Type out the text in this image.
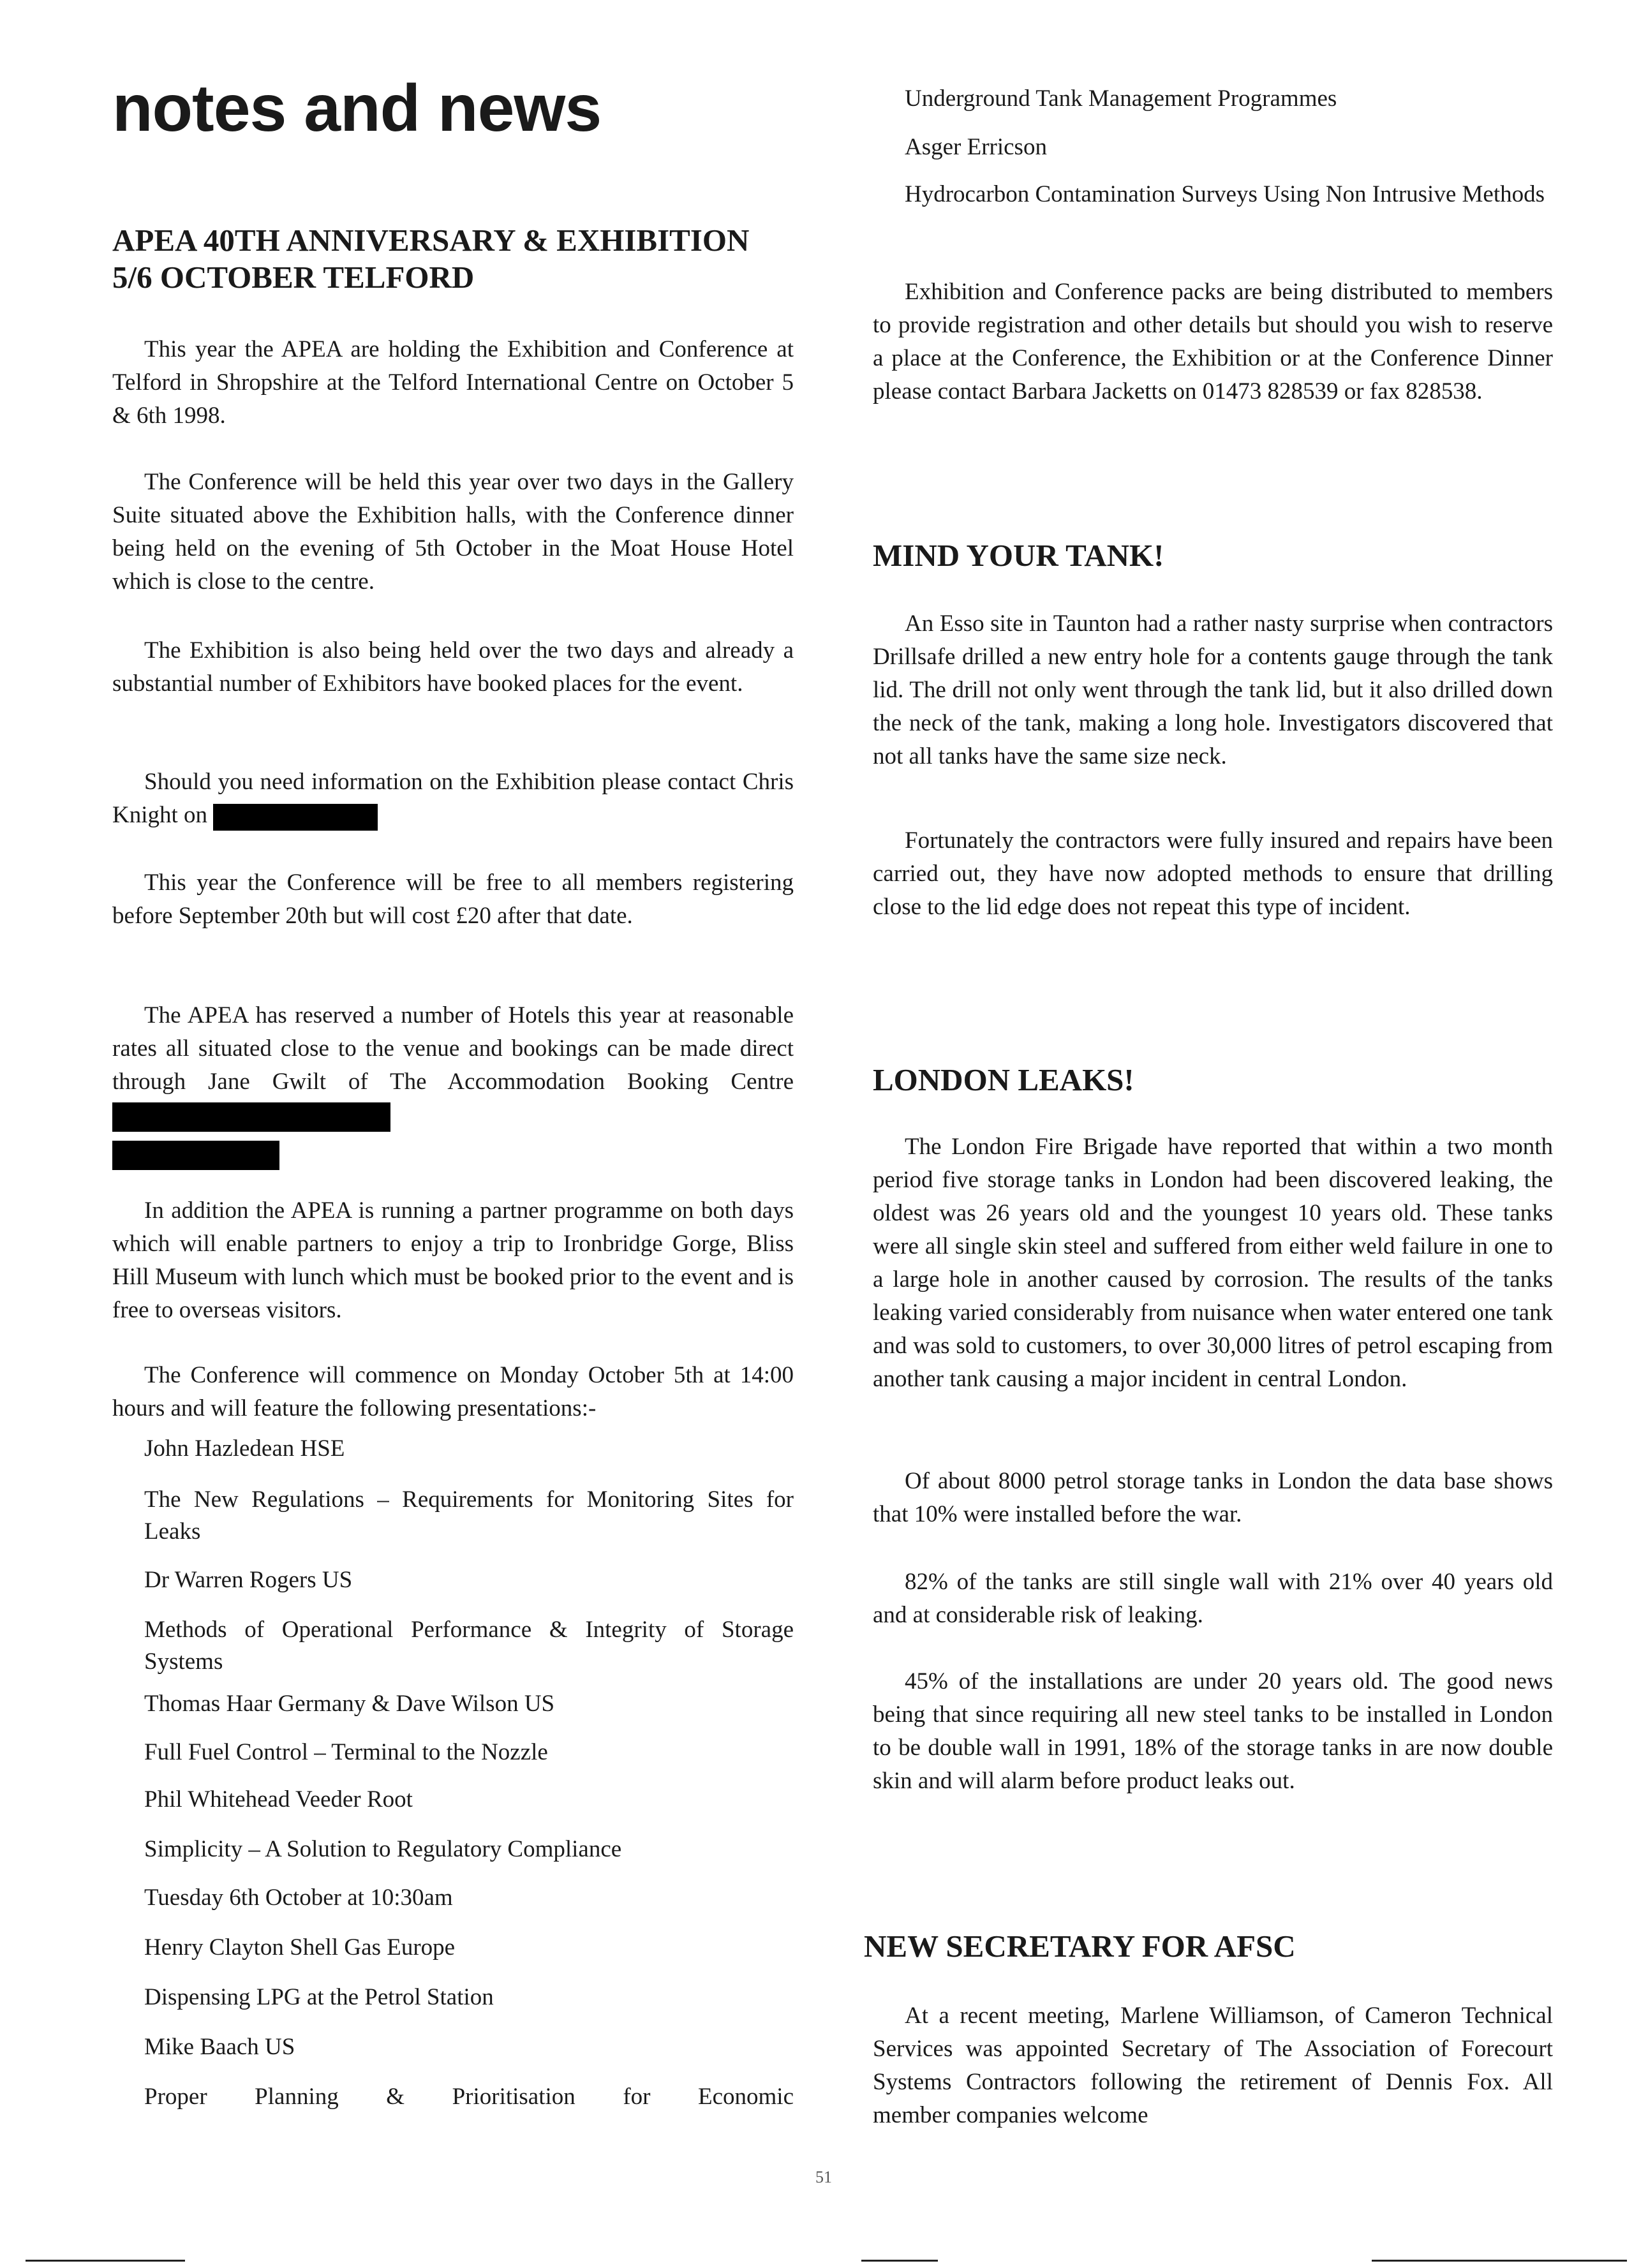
notes and news
APEA 40TH ANNIVERSARY & EXHIBITION
5/6 OCTOBER TELFORD

This year the APEA are holding the Exhibition and Conference at Telford in Shropshire at the Telford International Centre on October 5 & 6th 1998.

The Conference will be held this year over two days in the Gallery Suite situated above the Exhibition halls, with the Conference dinner being held on the evening of 5th October in the Moat House Hotel which is close to the centre.

The Exhibition is also being held over the two days and already a substantial number of Exhibitors have booked places for the event.

Should you need information on the Exhibition please contact Chris Knight on

This year the Conference will be free to all members registering before September 20th but will cost £20 after that date.

The APEA has reserved a number of Hotels this year at reasonable rates all situated close to the venue and bookings can be made direct through Jane Gwilt of The Accommodation Booking Centre

In addition the APEA is running a partner programme on both days which will enable partners to enjoy a trip to Ironbridge Gorge, Bliss Hill Museum with lunch which must be booked prior to the event and is free to overseas visitors.

The Conference will commence on Monday October 5th at 14:00 hours and will feature the following presentations:-

John Hazledean HSE
The New Regulations – Requirements for Monitoring Sites for Leaks
Dr Warren Rogers US
Methods of Operational Performance & Integrity of Storage Systems
Thomas Haar Germany & Dave Wilson US
Full Fuel Control – Terminal to the Nozzle
Phil Whitehead Veeder Root
Simplicity – A Solution to Regulatory Compliance
Tuesday 6th October at 10:30am
Henry Clayton Shell Gas Europe
Dispensing LPG at the Petrol Station
Mike Baach US
Proper Planning & Prioritisation for Economic
Underground Tank Management Programmes
Asger Erricson
Hydrocarbon Contamination Surveys Using Non Intrusive Methods

Exhibition and Conference packs are being distributed to members to provide registration and other details but should you wish to reserve a place at the Conference, the Exhibition or at the Conference Dinner please contact Barbara Jacketts on 01473 828539 or fax 828538.

MIND YOUR TANK!

An Esso site in Taunton had a rather nasty surprise when contractors Drillsafe drilled a new entry hole for a contents gauge through the tank lid. The drill not only went through the tank lid, but it also drilled down the neck of the tank, making a long hole. Investigators discovered that not all tanks have the same size neck.

Fortunately the contractors were fully insured and repairs have been carried out, they have now adopted methods to ensure that drilling close to the lid edge does not repeat this type of incident.

LONDON LEAKS!

The London Fire Brigade have reported that within a two month period five storage tanks in London had been discovered leaking, the oldest was 26 years old and the youngest 10 years old. These tanks were all single skin steel and suffered from either weld failure in one to a large hole in another caused by corrosion. The results of the tanks leaking varied considerably from nuisance when water entered one tank and was sold to customers, to over 30,000 litres of petrol escaping from another tank causing a major incident in central London.

Of about 8000 petrol storage tanks in London the data base shows that 10% were installed before the war.

82% of the tanks are still single wall with 21% over 40 years old and at considerable risk of leaking.

45% of the installations are under 20 years old. The good news being that since requiring all new steel tanks to be installed in London to be double wall in 1991, 18% of the storage tanks in are now double skin and will alarm before product leaks out.

NEW SECRETARY FOR AFSC

At a recent meeting, Marlene Williamson, of Cameron Technical Services was appointed Secretary of The Association of Forecourt Systems Contractors following the retirement of Dennis Fox. All member companies welcome

51
